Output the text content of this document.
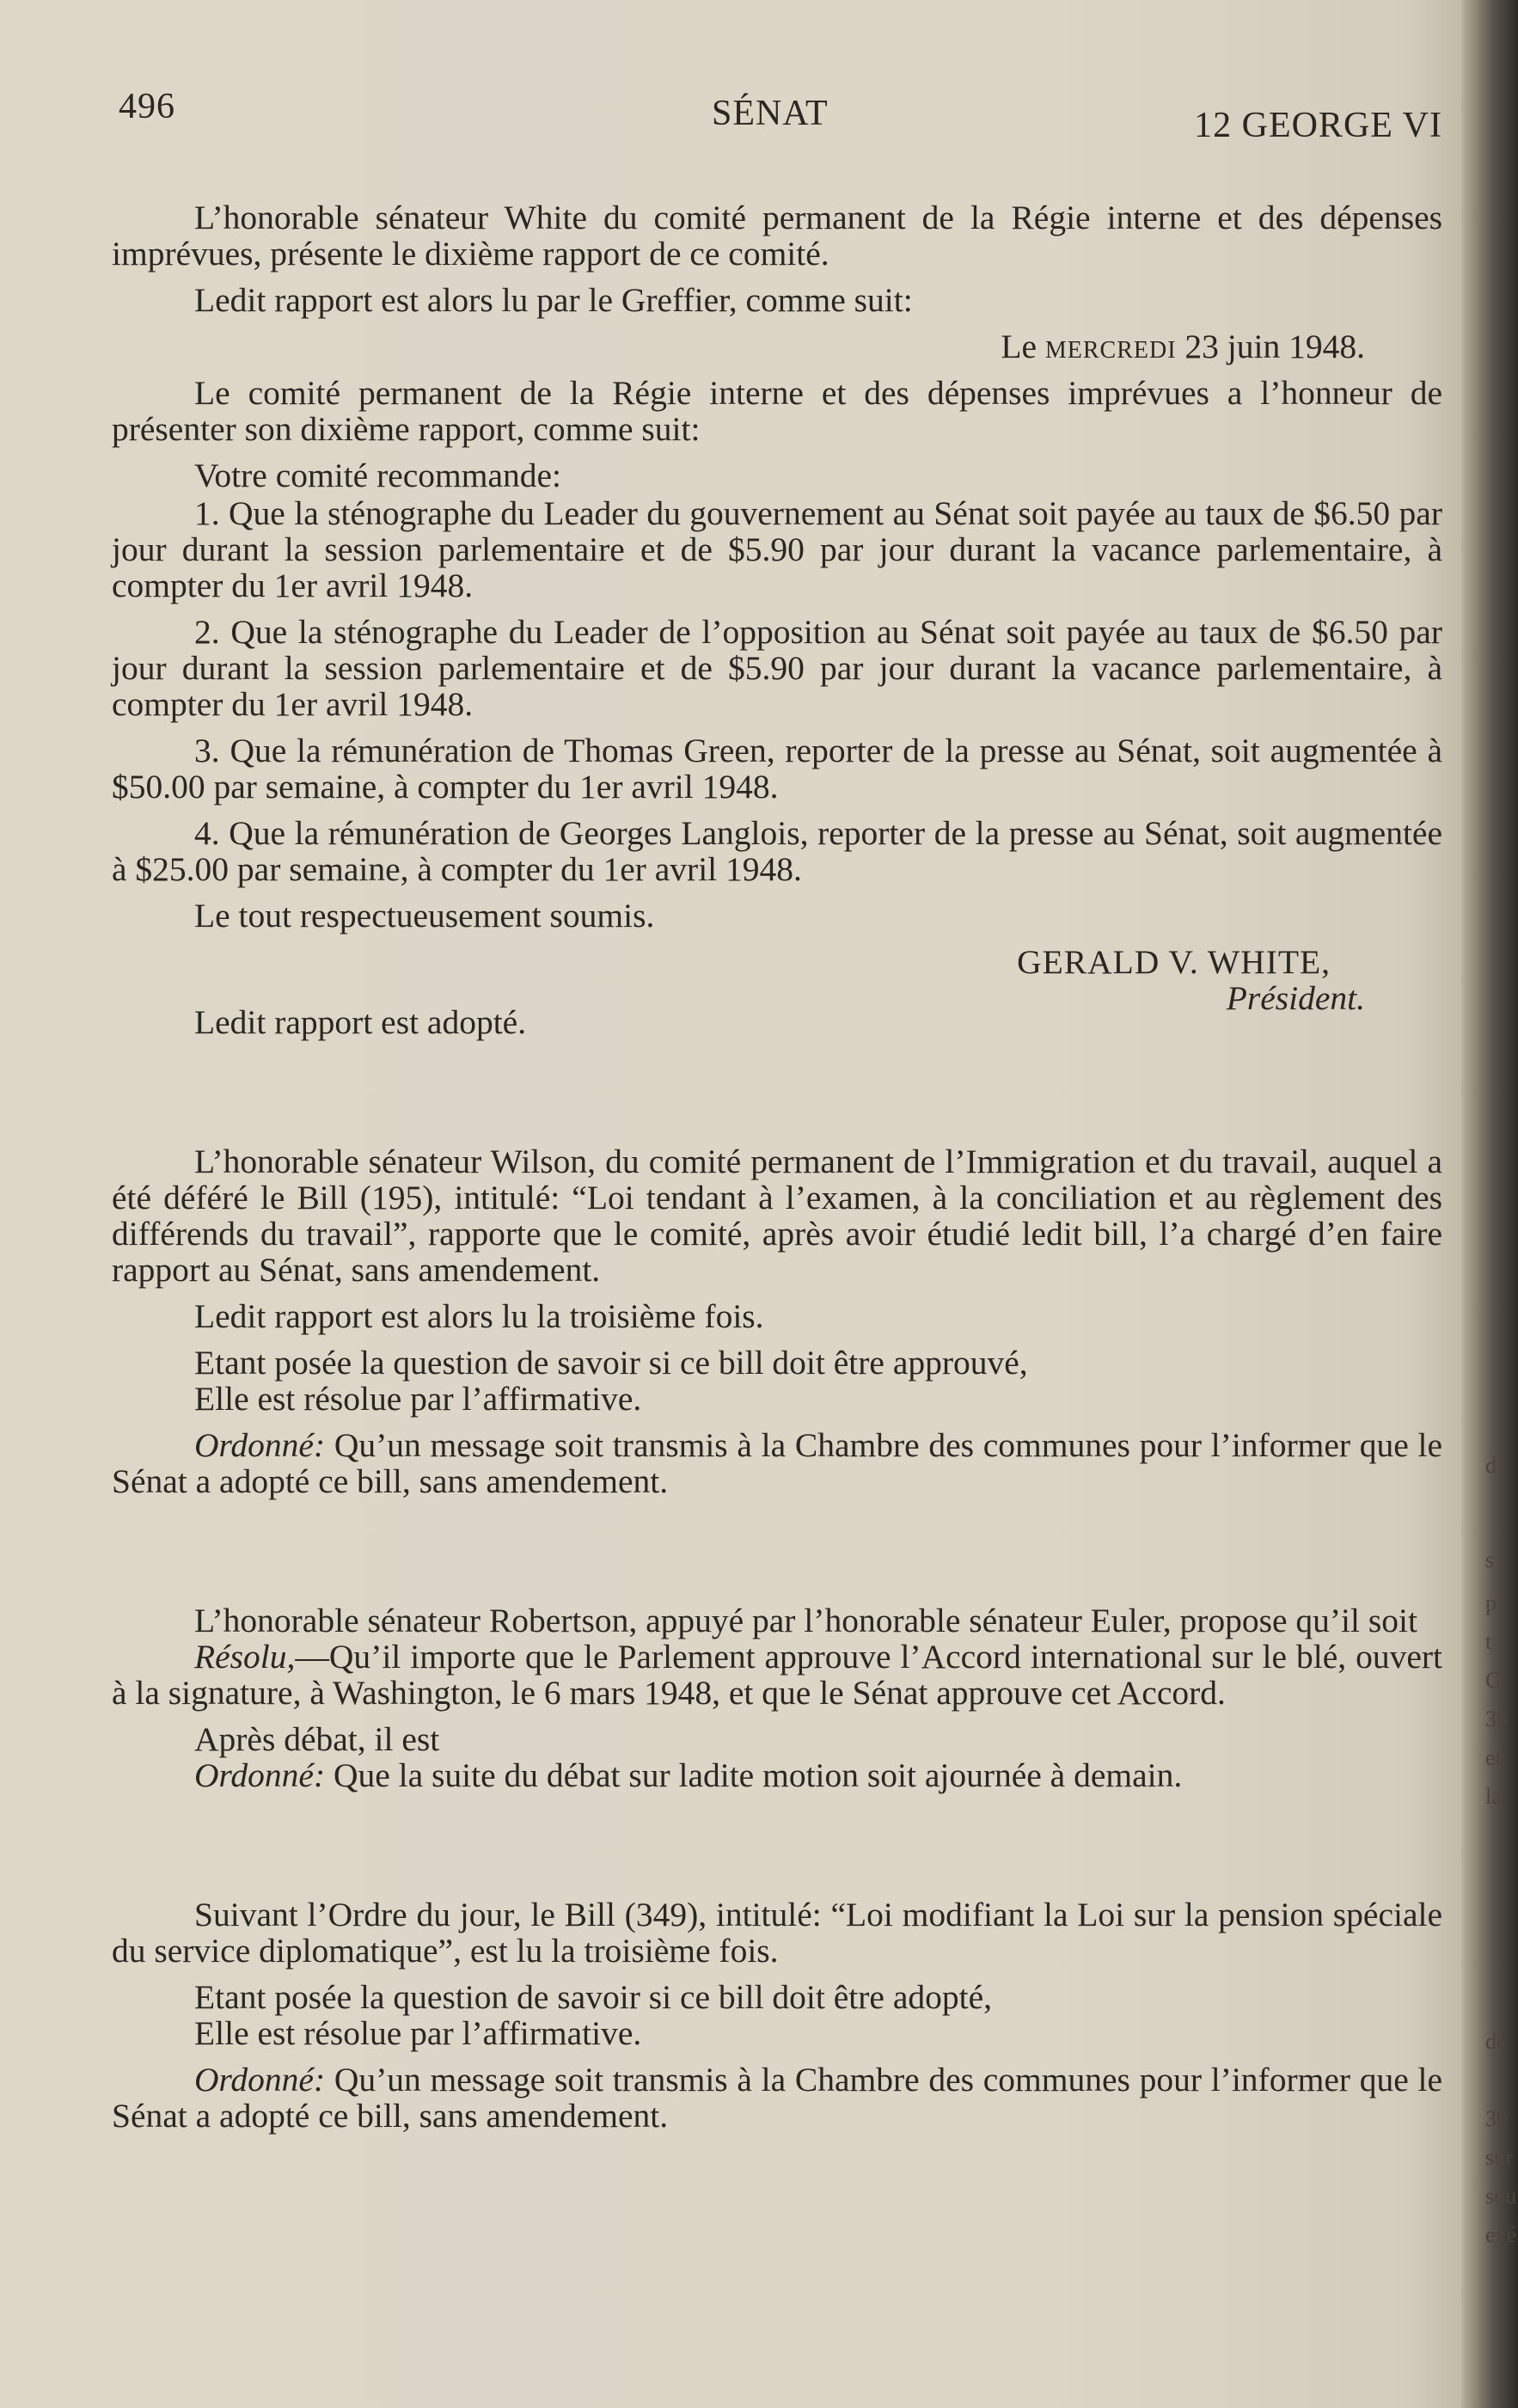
496	SÉNAT	12 GEORGE VI

L’honorable sénateur White du comité permanent de la Régie interne et des dépenses imprévues, présente le dixième rapport de ce comité.

Ledit rapport est alors lu par le Greffier, comme suit:

Le mercredi 23 juin 1948.

Le comité permanent de la Régie interne et des dépenses imprévues a l’honneur de présenter son dixième rapport, comme suit:

Votre comité recommande:

1. Que la sténographe du Leader du gouvernement au Sénat soit payée au taux de $6.50 par jour durant la session parlementaire et de $5.90 par jour durant la vacance parlementaire, à compter du 1er avril 1948.

2. Que la sténographe du Leader de l’opposition au Sénat soit payée au taux de $6.50 par jour durant la session parlementaire et de $5.90 par jour durant la vacance parlementaire, à compter du 1er avril 1948.

3. Que la rémunération de Thomas Green, reporter de la presse au Sénat, soit augmentée à $50.00 par semaine, à compter du 1er avril 1948.

4. Que la rémunération de Georges Langlois, reporter de la presse au Sénat, soit augmentée à $25.00 par semaine, à compter du 1er avril 1948.

Le tout respectueusement soumis.

GERALD V. WHITE,

Président.

Ledit rapport est adopté.

L’honorable sénateur Wilson, du comité permanent de l’Immigration et du travail, auquel a été déféré le Bill (195), intitulé: “Loi tendant à l’examen, à la conciliation et au règlement des différends du travail”, rapporte que le comité, après avoir étudié ledit bill, l’a chargé d’en faire rapport au Sénat, sans amendement.

Ledit rapport est alors lu la troisième fois.

Etant posée la question de savoir si ce bill doit être approuvé,

Elle est résolue par l’affirmative.

Ordonné: Qu’un message soit transmis à la Chambre des communes pour l’informer que le Sénat a adopté ce bill, sans amendement.

L’honorable sénateur Robertson, appuyé par l’honorable sénateur Euler, propose qu’il soit

Résolu,—Qu’il importe que le Parlement approuve l’Accord international sur le blé, ouvert à la signature, à Washington, le 6 mars 1948, et que le Sénat approuve cet Accord.

Après débat, il est

Ordonné: Que la suite du débat sur ladite motion soit ajournée à demain.

Suivant l’Ordre du jour, le Bill (349), intitulé: “Loi modifiant la Loi sur la pension spéciale du service diplomatique”, est lu la troisième fois.

Etant posée la question de savoir si ce bill doit être adopté,

Elle est résolue par l’affirmative.

Ordonné: Qu’un message soit transmis à la Chambre des communes pour l’informer que le Sénat a adopté ce bill, sans amendement.

d
s
p
t
G
30
et
la
de
30
sur
sou
exé
